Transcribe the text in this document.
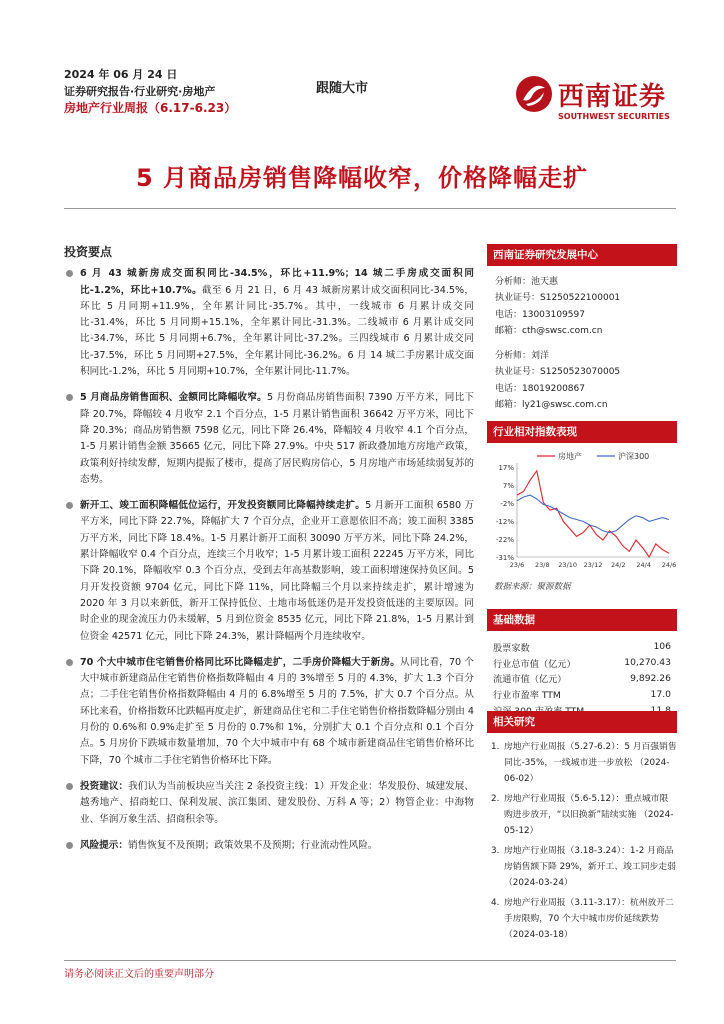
2024 年 06 月 24 日
证券研究报告·行业研究·房地产
房地产行业周报（6.17-6.23）
跟随大市	西南证券
SOUTHWEST SECURITIES
5 月商品房销售降幅收窄，价格降幅走扩
投资要点
6 月 43 城新房成交面积同比-34.5%，环比+11.9%；14 城二手房成交面积同比-1.2%，环比+10.7%。截至 6 月 21 日，6 月 43 城新房累计成交面积同比-34.5%，环比 5 月同期+11.9%，全年累计同比-35.7%。其中，一线城市 6 月累计成交同比-31.4%，环比 5 月同期+15.1%，全年累计同比-31.3%。二线城市 6 月累计成交同比-34.7%，环比 5 月同期+6.7%，全年累计同比-37.2%。三四线城市 6 月累计成交同比-37.5%，环比 5 月同期+27.5%，全年累计同比-36.2%。6 月 14 城二手房累计成交面积同比-1.2%，环比 5 月同期+10.7%，全年累计同比-11.7%。
5 月商品房销售面积、金额同比降幅收窄。5 月份商品房销售面积 7390 万平方米，同比下降 20.7%，降幅较 4 月收窄 2.1 个百分点，1-5 月累计销售面积 36642 万平方米，同比下降 20.3%；商品房销售额 7598 亿元，同比下降 26.4%，降幅较 4 月收窄 4.1 个百分点，1-5 月累计销售金额 35665 亿元，同比下降 27.9%。中央 517 新政叠加地方房地产政策，政策利好持续发酵，短期内提振了楼市，提高了居民购房信心，5 月房地产市场延续弱复苏的态势。
新开工、竣工面积降幅低位运行，开发投资额同比降幅持续走扩。5 月新开工面积 6580 万平方米，同比下降 22.7%，降幅扩大 7 个百分点，企业开工意愿依旧不高；竣工面积 3385 万平方米，同比下降 18.4%。1-5 月累计新开工面积 30090 万平方米，同比下降 24.2%，累计降幅收窄 0.4 个百分点，连续三个月收窄；1-5 月累计竣工面积 22245 万平方米，同比下降 20.1%，降幅收窄 0.3 个百分点，受到去年高基数影响，竣工面积增速保持负区间。5 月开发投资额 9704 亿元，同比下降 11%，同比降幅三个月以来持续走扩，累计增速为 2020 年 3 月以来新低，新开工保持低位、土地市场低迷仍是开发投资低迷的主要原因。同时企业的现金流压力仍未缓解，5 月到位资金 8535 亿元，同比下降 21.8%，1-5 月累计到位资金 42571 亿元，同比下降 24.3%，累计降幅两个月连续收窄。
70 个大中城市住宅销售价格同比环比降幅走扩，二手房价降幅大于新房。从同比看，70 个大中城市新建商品住宅销售价格指数降幅由 4 月的 3%增至 5 月的 4.3%，扩大 1.3 个百分点；二手住宅销售价格指数降幅由 4 月的 6.8%增至 5 月的 7.5%，扩大 0.7 个百分点。从环比来看，价格指数环比跌幅再度走扩，新建商品住宅和二手住宅销售价格指数降幅分别由 4 月份的 0.6%和 0.9%走扩至 5 月份的 0.7%和 1%，分别扩大 0.1 个百分点和 0.1 个百分点。5 月房价下跌城市数量增加，70 个大中城市中有 68 个城市新建商品住宅销售价格环比下降，70 个城市二手住宅销售价格环比下降。
投资建议：我们认为当前板块应当关注 2 条投资主线：1）开发企业：华发股份、城建发展、越秀地产、招商蛇口、保利发展、滨江集团、建发股份、万科 A 等；2）物管企业：中海物业、华润万象生活、招商积余等。
风险提示：销售恢复不及预期；政策效果不及预期；行业流动性风险。
西南证券研究发展中心
分析师：池天惠
执业证号：S1250522100001
电话：13003109597
邮箱：cth@swsc.com.cn
分析师：刘洋
执业证号：S1250523070005
电话：18019200867
邮箱：ly21@swsc.com.cn
行业相对指数表现
房地产	沪深300
17%
7%
-2%
-12%
-22%
-31%
23/6 23/8 23/10 23/12 24/2 24/4 24/6
数据来源：聚源数据
基础数据
股票家数	106
行业总市值（亿元）	10,270.43
流通市值（亿元）	9,892.26
行业市盈率 TTM	17.0

相关研究
1. 房地产行业周报（5.27-6.2）：5 月百强销售同比-35%，一线城市进一步放松 （2024-06-02）
2. 房地产行业周报（5.6-5.12）：重点城市限购进步放开，“以旧换新”陆续实施 （2024-05-12）
3. 房地产行业周报（3.18-3.24）：1-2 月商品房销售额下降 29%，新开工、竣工同步走弱 （2024-03-24）
4. 房地产行业周报（3.11-3.17）：杭州放开二手房限购，70 个大中城市房价延续跌势 （2024-03-18）
请务必阅读正文后的重要声明部分
